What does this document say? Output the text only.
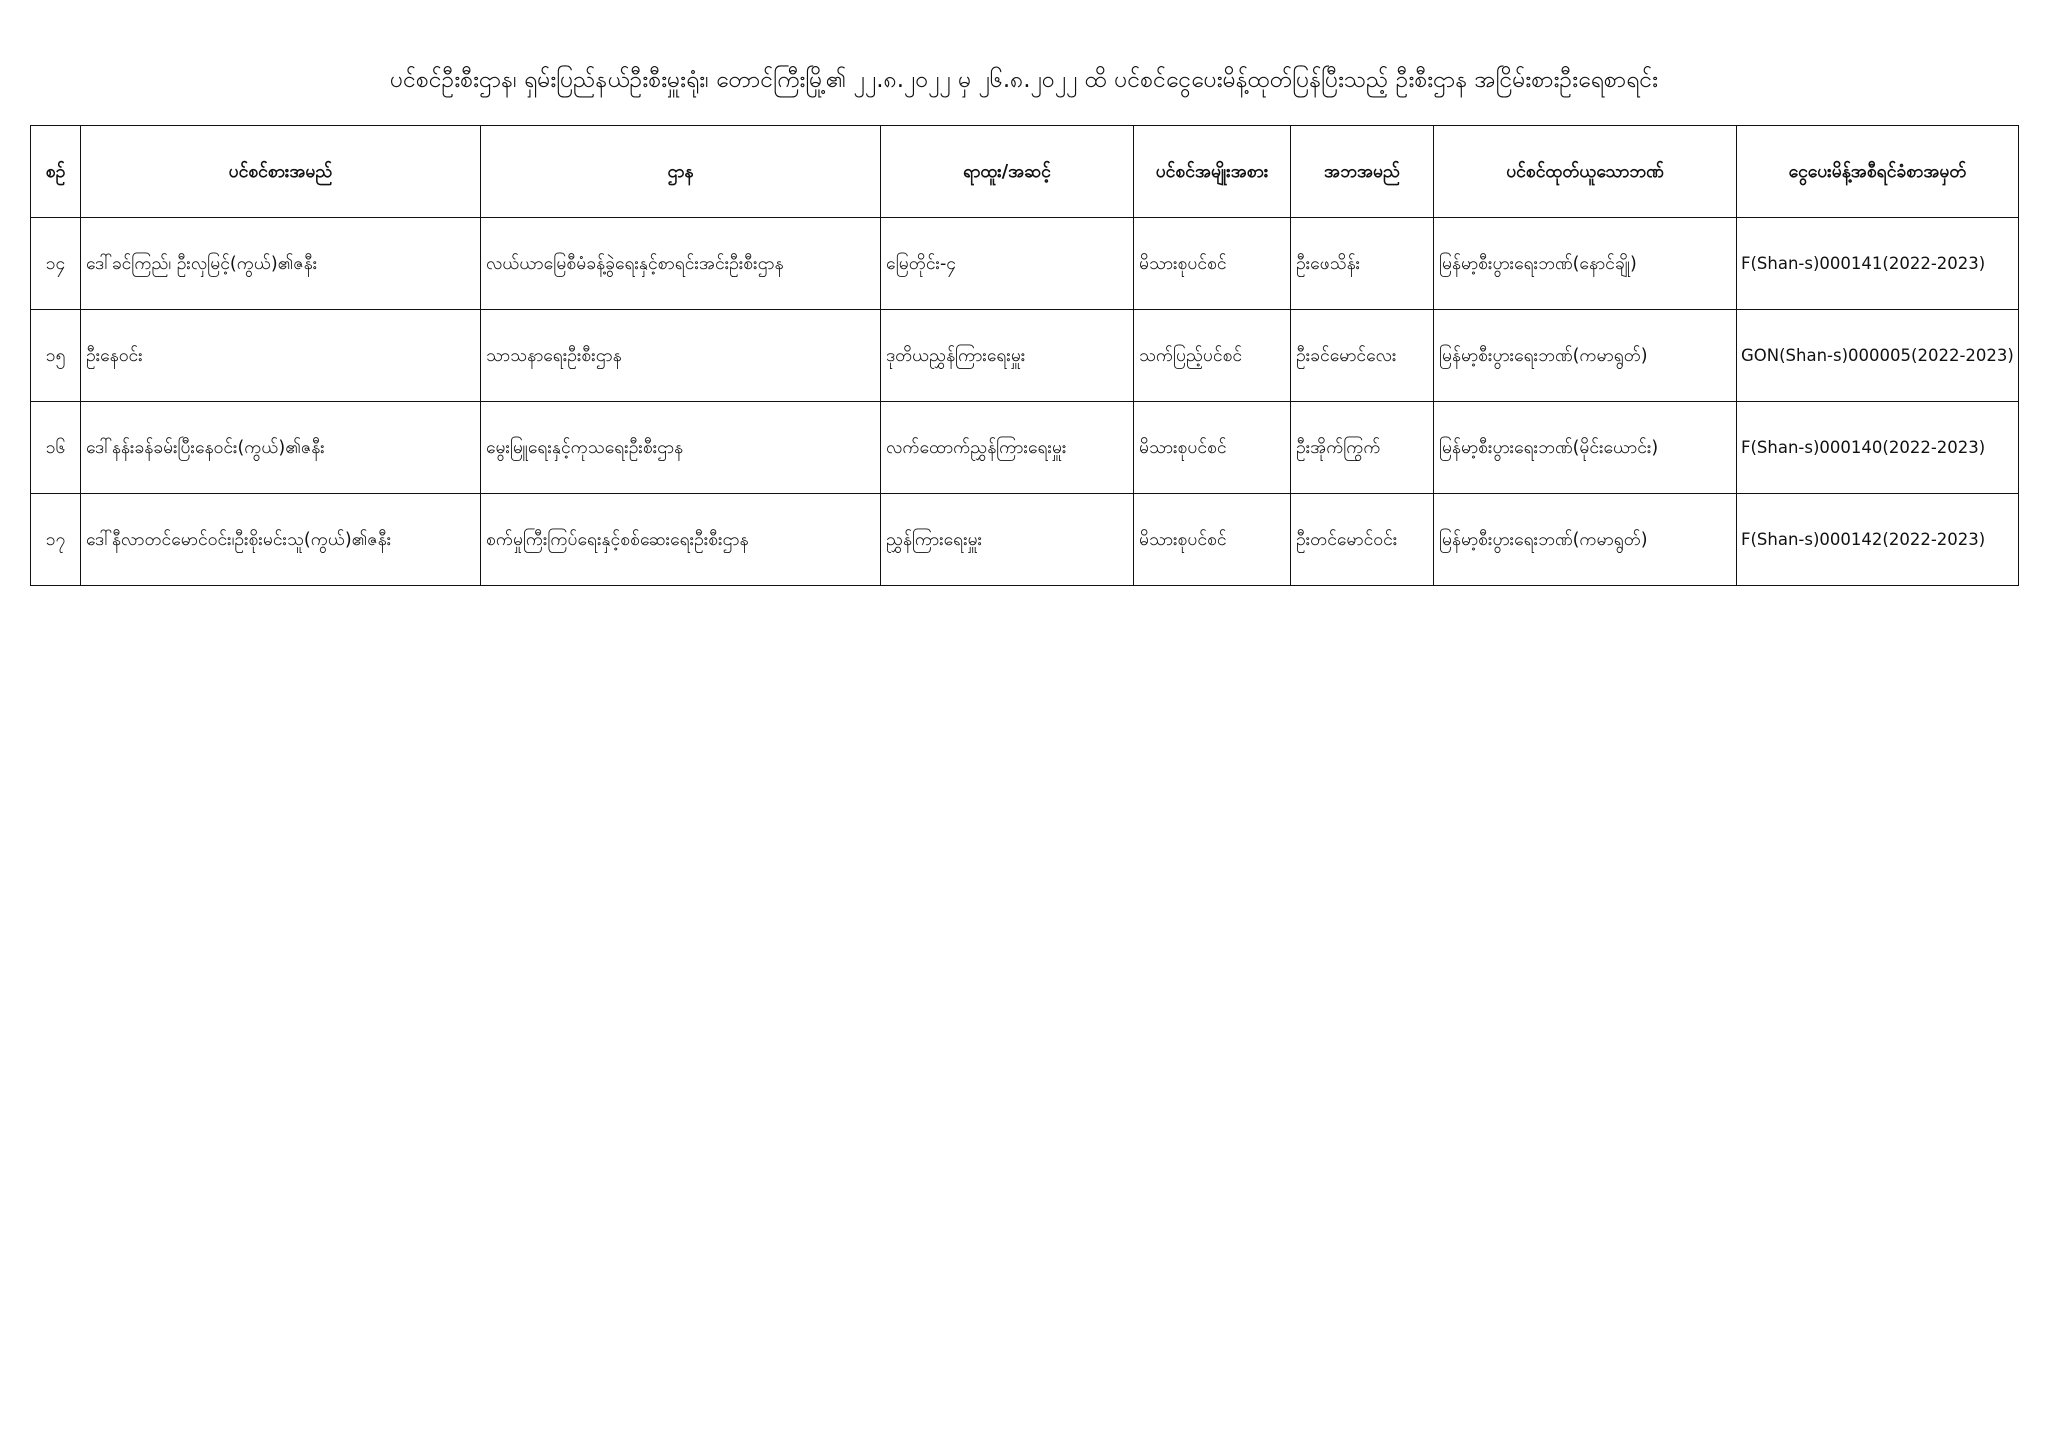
ပင်စင်ဦးစီးဌာန၊ ရှမ်းပြည်နယ်ဦးစီးမှူးရုံး၊ တောင်ကြီးမြို့၏ ၂၂.၈.၂၀၂၂ မှ ၂၆.၈.၂၀၂၂ ထိ ပင်စင်ငွေပေးမိန့်ထုတ်ပြန်ပြီးသည့် ဦးစီးဌာန အငြိမ်းစားဦးရေစာရင်း
စဉ်	ပင်စင်စားအမည်	ဌာန	ရာထူး/အဆင့်	ပင်စင်အမျိုးအစား	အဘအမည်	ပင်စင်ထုတ်ယူသောဘဏ်	ငွေပေးမိန့်အစီရင်ခံစာအမှတ်
၁၄	ဒေါ်ခင်ကြည်၊ ဦးလှမြင့်(ကွယ်)၏ဇနီး	လယ်ယာမြေစီမံခန့်ခွဲရေးနှင့်စာရင်းအင်းဦးစီးဌာန	မြေတိုင်း-၄	မိသားစုပင်စင်	ဦးဖေသိန်း	မြန်မာ့စီးပွားရေးဘဏ်(နောင်ချို)	F(Shan-s)000141(2022-2023)
၁၅	ဦးနေဝင်း	သာသနာရေးဦးစီးဌာန	ဒုတိယညွှန်ကြားရေးမှူး	သက်ပြည့်ပင်စင်	ဦးခင်မောင်လေး	မြန်မာ့စီးပွားရေးဘဏ်(ကမာရွတ်)	GON(Shan-s)000005(2022-2023)
၁၆	ဒေါ်နန်းခန်ခမ်းပြီးနေဝင်း(ကွယ်)၏ဇနီး	မွေးမြူရေးနှင့်ကုသရေးဦးစီးဌာန	လက်ထောက်ညွှန်ကြားရေးမှူး	မိသားစုပင်စင်	ဦးအိုက်ကြွက်	မြန်မာ့စီးပွားရေးဘဏ်(မိုင်းယောင်း)	F(Shan-s)000140(2022-2023)
၁၇	ဒေါ်နီလာတင်မောင်ဝင်း၊ဦးစိုးမင်းသူ(ကွယ်)၏ဇနီး	စက်မှုကြီးကြပ်ရေးနှင့်စစ်ဆေးရေးဦးစီးဌာန	ညွှန်ကြားရေးမှူး	မိသားစုပင်စင်	ဦးတင်မောင်ဝင်း	မြန်မာ့စီးပွားရေးဘဏ်(ကမာရွတ်)	F(Shan-s)000142(2022-2023)
